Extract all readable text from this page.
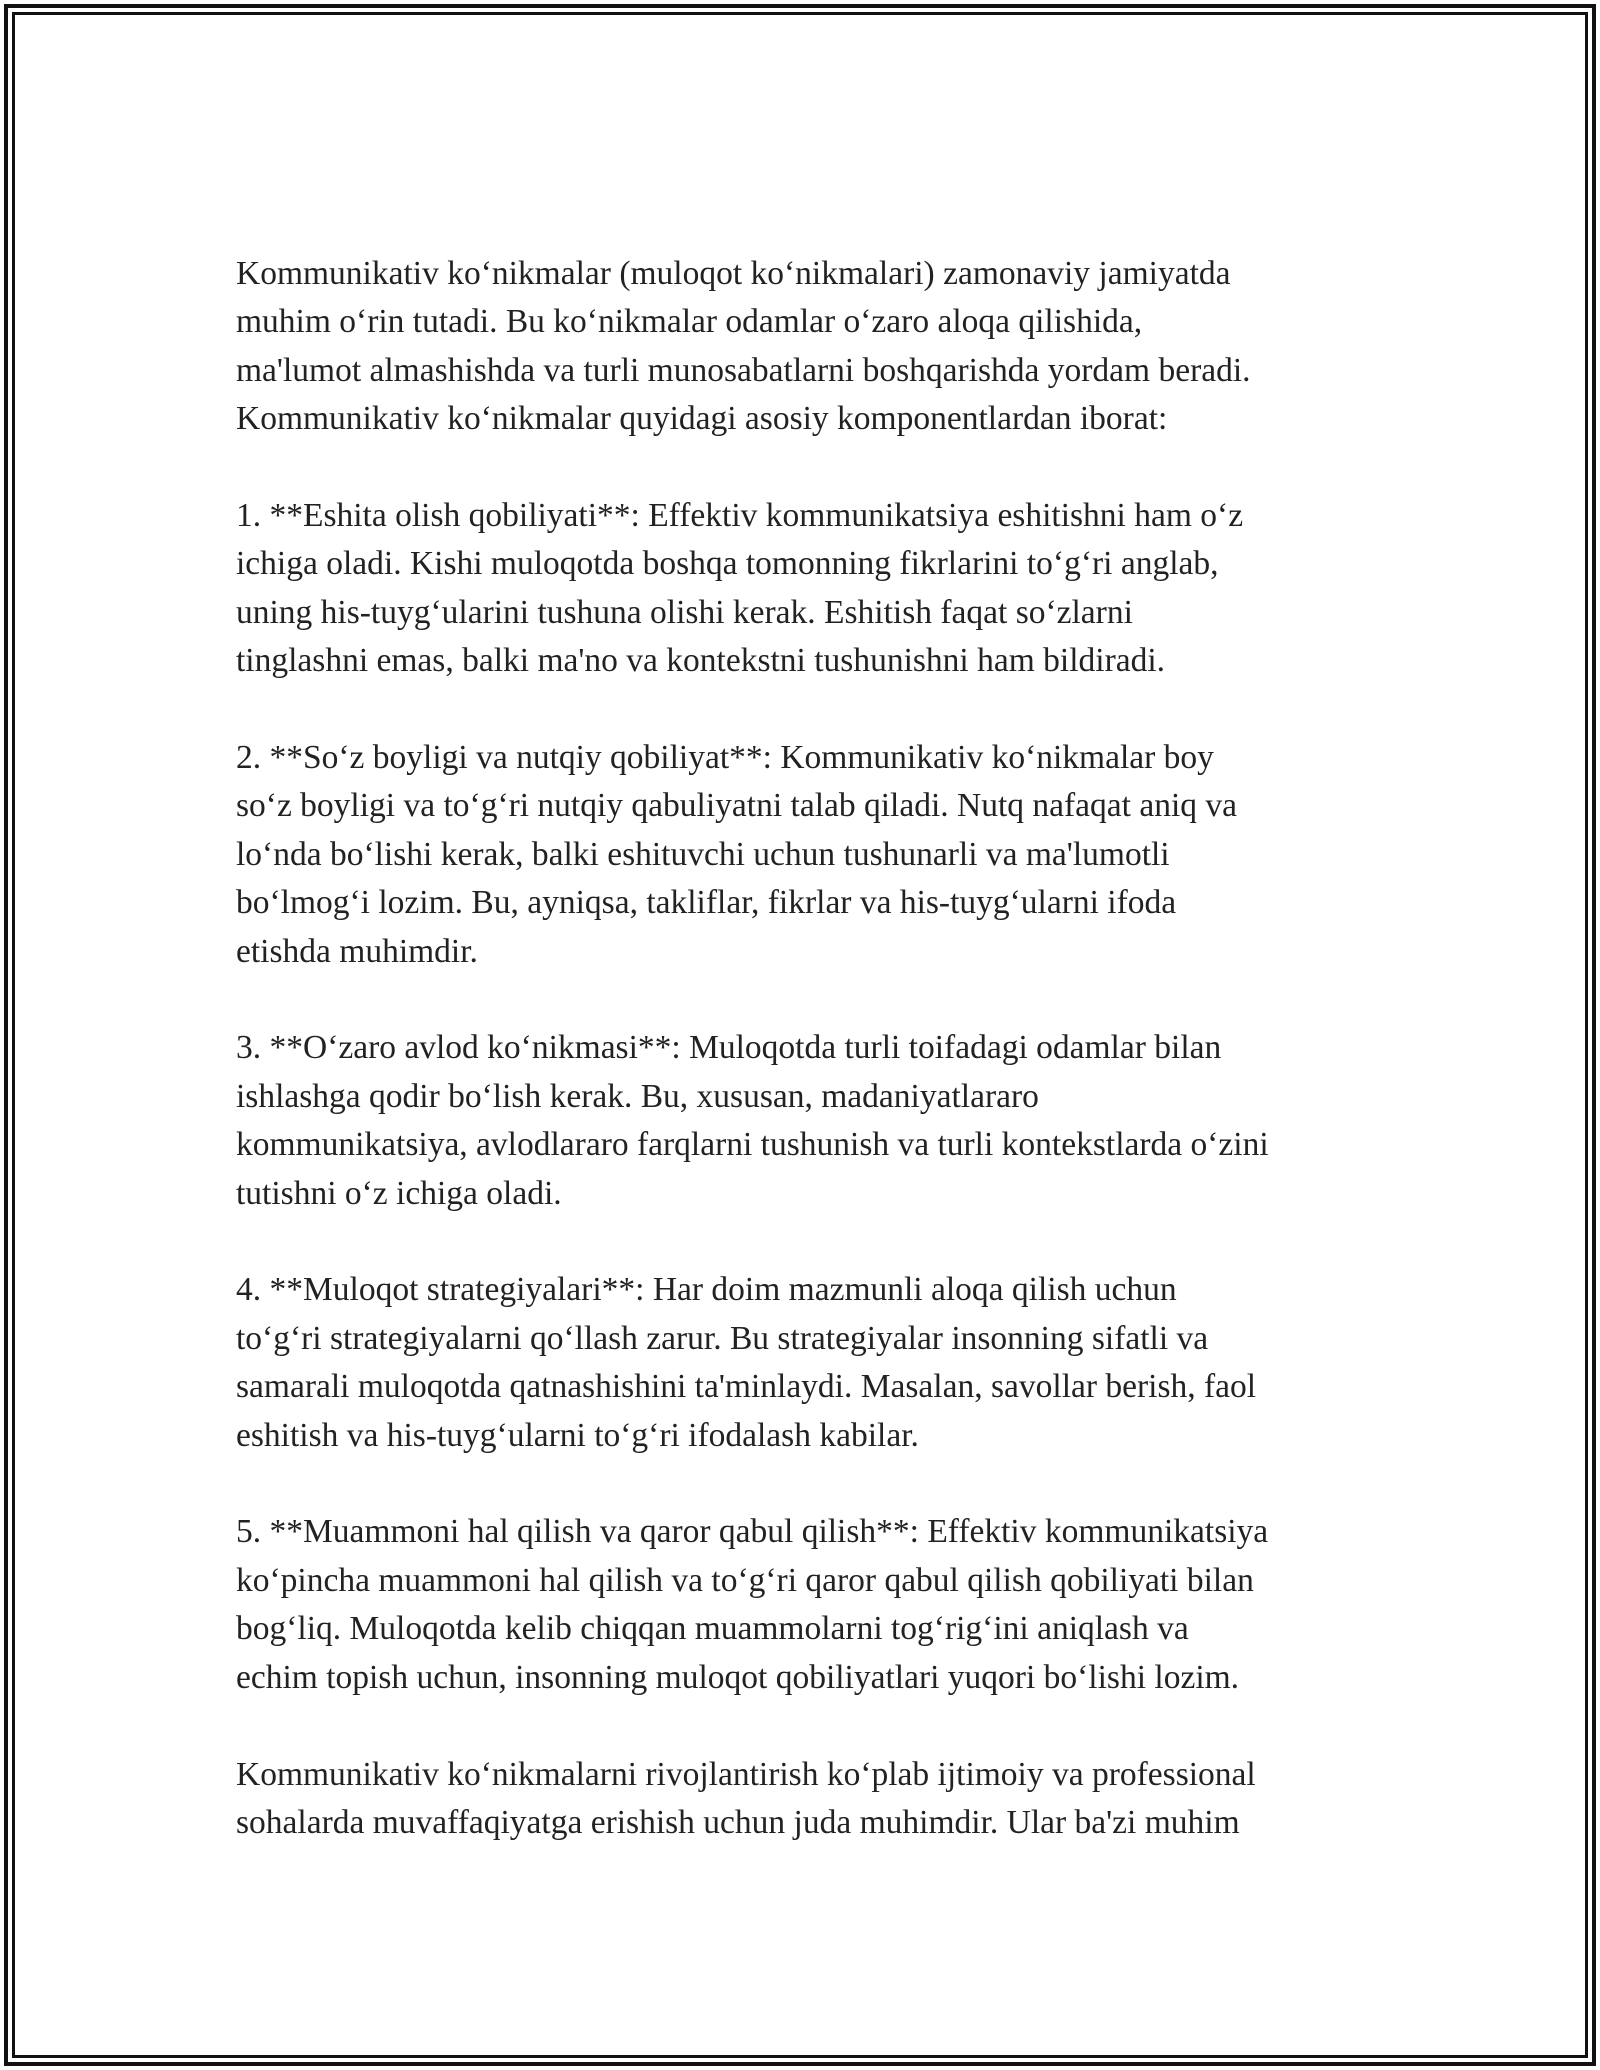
Kommunikativ koʻnikmalar (muloqot koʻnikmalari) zamonaviy jamiyatda
muhim oʻrin tutadi. Bu koʻnikmalar odamlar oʻzaro aloqa qilishida,
ma'lumot almashishda va turli munosabatlarni boshqarishda yordam beradi.
Kommunikativ koʻnikmalar quyidagi asosiy komponentlardan iborat:
1. **Eshita olish qobiliyati**: Effektiv kommunikatsiya eshitishni ham oʻz
ichiga oladi. Kishi muloqotda boshqa tomonning fikrlarini toʻgʻri anglab,
uning his-tuygʻularini tushuna olishi kerak. Eshitish faqat soʻzlarni
tinglashni emas, balki ma'no va kontekstni tushunishni ham bildiradi.
2. **Soʻz boyligi va nutqiy qobiliyat**: Kommunikativ koʻnikmalar boy
soʻz boyligi va toʻgʻri nutqiy qabuliyatni talab qiladi. Nutq nafaqat aniq va
loʻnda boʻlishi kerak, balki eshituvchi uchun tushunarli va ma'lumotli
boʻlmogʻi lozim. Bu, ayniqsa, takliflar, fikrlar va his-tuygʻularni ifoda
etishda muhimdir.
3. **Oʻzaro avlod koʻnikmasi**: Muloqotda turli toifadagi odamlar bilan
ishlashga qodir boʻlish kerak. Bu, xususan, madaniyatlararo
kommunikatsiya, avlodlararo farqlarni tushunish va turli kontekstlarda oʻzini
tutishni oʻz ichiga oladi.
4. **Muloqot strategiyalari**: Har doim mazmunli aloqa qilish uchun
toʻgʻri strategiyalarni qoʻllash zarur. Bu strategiyalar insonning sifatli va
samarali muloqotda qatnashishini ta'minlaydi. Masalan, savollar berish, faol
eshitish va his-tuygʻularni toʻgʻri ifodalash kabilar.
5. **Muammoni hal qilish va qaror qabul qilish**: Effektiv kommunikatsiya
koʻpincha muammoni hal qilish va toʻgʻri qaror qabul qilish qobiliyati bilan
bogʻliq. Muloqotda kelib chiqqan muammolarni togʻrigʻini aniqlash va
echim topish uchun, insonning muloqot qobiliyatlari yuqori boʻlishi lozim.
Kommunikativ koʻnikmalarni rivojlantirish koʻplab ijtimoiy va professional
sohalarda muvaffaqiyatga erishish uchun juda muhimdir. Ular ba'zi muhim
